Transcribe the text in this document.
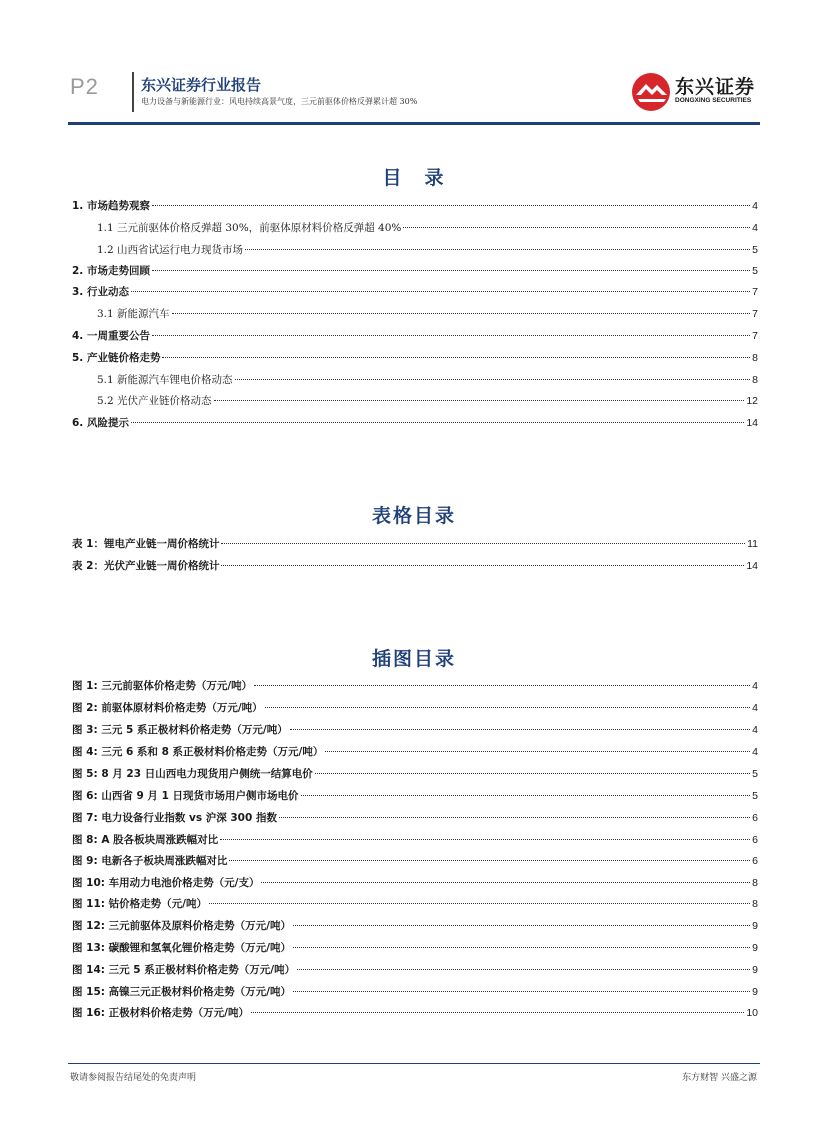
P2	东兴证券行业报告
电力设备与新能源行业：风电持续高景气度，三元前驱体价格反弹累计超 30%
东兴证券
DONGXING SECURITIES
目　录
1. 市场趋势观察	4
1.1 三元前驱体价格反弹超 30%，前驱体原材料价格反弹超 40%	4
1.2 山西省试运行电力现货市场	5
2. 市场走势回顾	5
3. 行业动态	7
3.1 新能源汽车	7
4. 一周重要公告	7
5. 产业链价格走势	8
5.1 新能源汽车锂电价格动态	8
5.2 光伏产业链价格动态	12
6. 风险提示	14
表格目录
表 1：锂电产业链一周价格统计	11
表 2：光伏产业链一周价格统计	14
插图目录
图 1: 三元前驱体价格走势（万元/吨）	4
图 2: 前驱体原材料价格走势（万元/吨）	4
图 3: 三元 5 系正极材料价格走势（万元/吨）	4
图 4: 三元 6 系和 8 系正极材料价格走势（万元/吨）	4
图 5: 8 月 23 日山西电力现货用户侧统一结算电价	5
图 6: 山西省 9 月 1 日现货市场用户侧市场电价	5
图 7: 电力设备行业指数 vs 沪深 300 指数	6
图 8: A 股各板块周涨跌幅对比	6
图 9: 电新各子板块周涨跌幅对比	6
图 10: 车用动力电池价格走势（元/支）	8
图 11: 钴价格走势（元/吨）	8
图 12: 三元前驱体及原料价格走势（万元/吨）	9
图 13: 碳酸锂和氢氧化锂价格走势（万元/吨）	9
图 14: 三元 5 系正极材料价格走势（万元/吨）	9
图 15: 高镍三元正极材料价格走势（万元/吨）	9
图 16: 正极材料价格走势（万元/吨）	10
敬请参阅报告结尾处的免责声明	东方财智 兴盛之源
